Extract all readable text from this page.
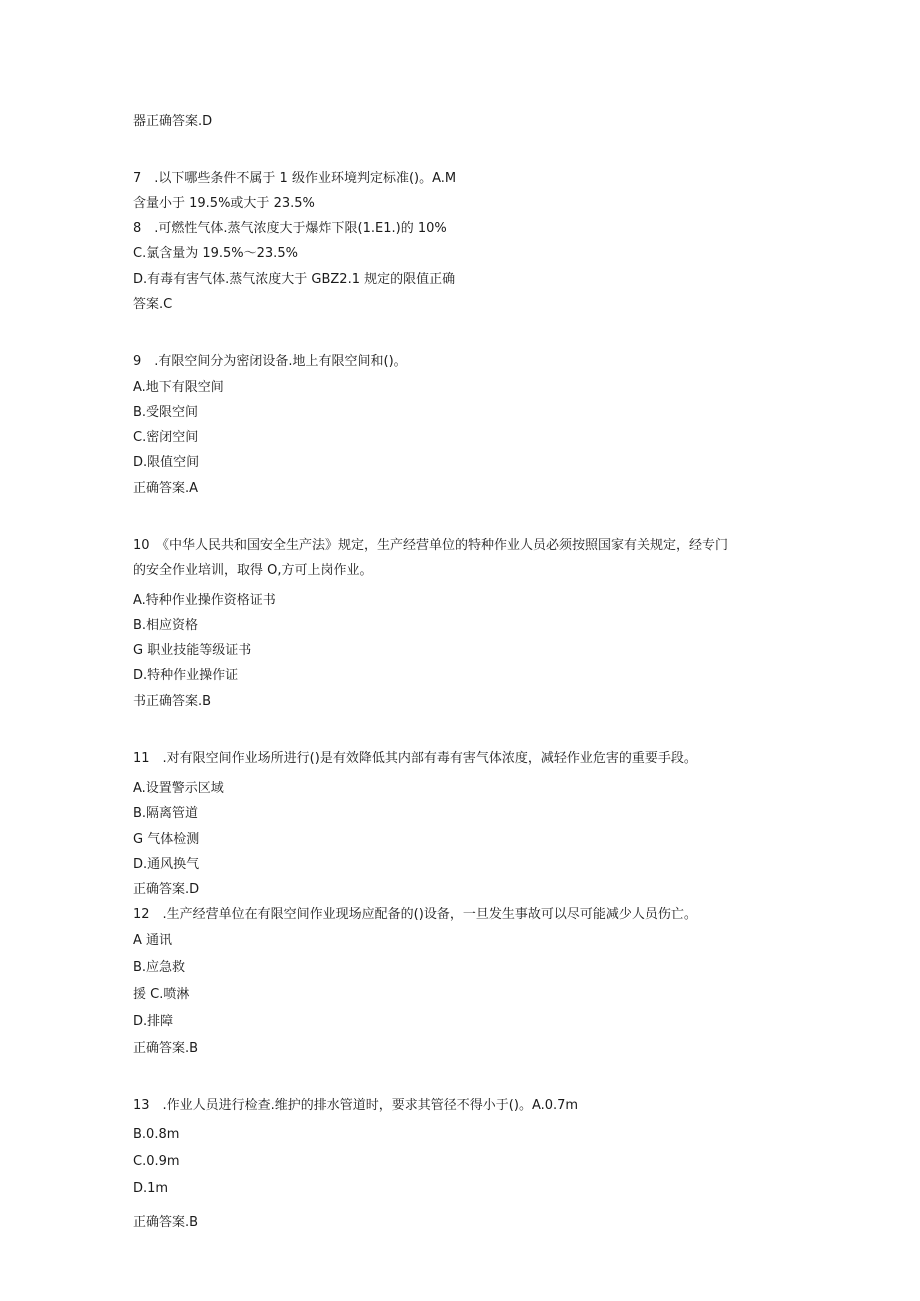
器正确答案.D
7　.以下哪些条件不属于 1 级作业环境判定标准()。A.M
含量小于 19.5%或大于 23.5%
8　.可燃性气体.蒸气浓度大于爆炸下限(1.E1.)的 10%
C.氯含量为 19.5%～23.5%
D.有毒有害气体.蒸气浓度大于 GBZ2.1 规定的限值正确
答案.C
9　.有限空间分为密闭设备.地上有限空间和()。
A.地下有限空间
B.受限空间
C.密闭空间
D.限值空间
正确答案.A
10　《中华人民共和国安全生产法》规定，生产经营单位的特种作业人员必须按照国家有关规定，经专门
的安全作业培训，取得 O,方可上岗作业。
A.特种作业操作资格证书
B.相应资格
G 职业技能等级证书
D.特种作业操作证
书正确答案.B
11　.对有限空间作业场所进行()是有效降低其内部有毒有害气体浓度，减轻作业危害的重要手段。
A.设置警示区域
B.隔离管道
G 气体检测
D.通风换气
正确答案.D
12　.生产经营单位在有限空间作业现场应配备的()设备，一旦发生事故可以尽可能减少人员伤亡。
A 通讯
B.应急救
援 C.喷淋
D.排障
正确答案.B
13　.作业人员进行检查.维护的排水管道时，要求其管径不得小于()。A.0.7m
B.0.8m
C.0.9m
D.1m
正确答案.B
